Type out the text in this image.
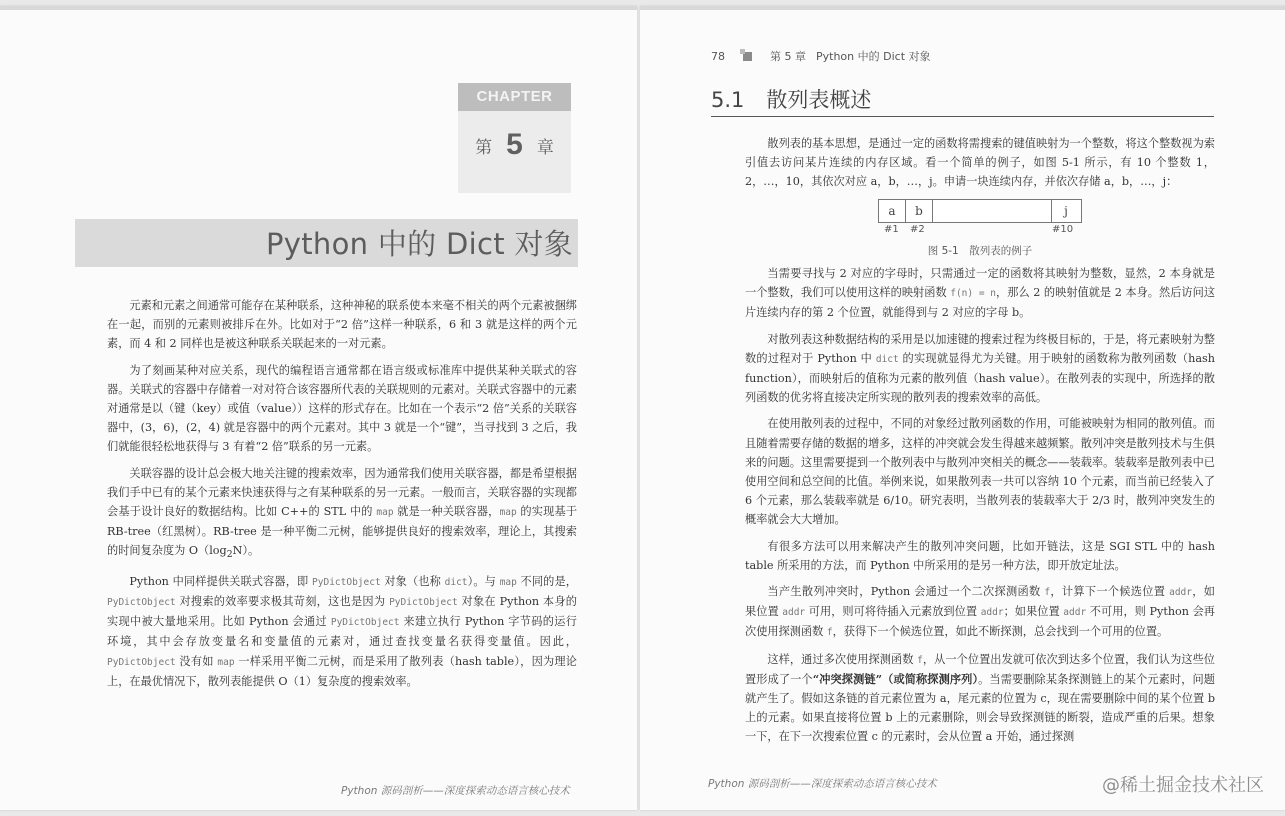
CHAPTER
第 5 章
Python 中的 Dict 对象

元素和元素之间通常可能存在某种联系，这种神秘的联系使本来毫不相关的两个元素被捆绑在一起，而别的元素则被排斥在外。比如对于“2 倍”这样一种联系，6 和 3 就是这样的两个元素，而 4 和 2 同样也是被这种联系关联起来的一对元素。

为了刻画某种对应关系，现代的编程语言通常都在语言级或标准库中提供某种关联式的容器。关联式的容器中存储着一对对符合该容器所代表的关联规则的元素对。关联式容器中的元素对通常是以（键（key）或值（value））这样的形式存在。比如在一个表示“2 倍”关系的关联容器中，(3，6)，(2，4) 就是容器中的两个元素对。其中 3 就是一个“键”，当寻找到 3 之后，我们就能很轻松地获得与 3 有着“2 倍”联系的另一元素。

关联容器的设计总会极大地关注键的搜索效率，因为通常我们使用关联容器，都是希望根据我们手中已有的某个元素来快速获得与之有某种联系的另一元素。一般而言，关联容器的实现都会基于设计良好的数据结构。比如 C++的 STL 中的 map 就是一种关联容器，map 的实现基于 RB-tree（红黑树）。RB-tree 是一种平衡二元树，能够提供良好的搜索效率，理论上，其搜索的时间复杂度为 $O(\log_2N)$。

Python 中同样提供关联式容器，即 PyDictObject 对象（也称 dict）。与 map 不同的是，PyDictObject 对搜索的效率要求极其苛刻，这也是因为 PyDictObject 对象在 Python 本身的实现中被大量地采用。比如 Python 会通过 PyDictObject 来建立执行 Python 字节码的运行环境，其中会存放变量名和变量值的元素对，通过查找变量名获得变量值。因此，PyDictObject 没有如 map 一样采用平衡二元树，而是采用了散列表（hash table），因为理论上，在最优情况下，散列表能提供 O（1）复杂度的搜索效率。

Python 源码剖析——深度探索动态语言核心技术
78	第 5 章 Python 中的 Dict 对象
5.1 散列表概述

散列表的基本思想，是通过一定的函数将需搜索的键值映射为一个整数，将这个整数视为索引值去访问某片连续的内存区域。看一个简单的例子，如图 5-1 所示，有 10 个整数 1，2，…，10，其依次对应 a，b，…，j。申请一块连续内存，并依次存储 a，b，…，j：

a	b	j
#1 #2	#10
图 5-1　散列表的例子

当需要寻找与 2 对应的字母时，只需通过一定的函数将其映射为整数，显然，2 本身就是一个整数，我们可以使用这样的映射函数 f(n) = n，那么 2 的映射值就是 2 本身。然后访问这片连续内存的第 2 个位置，就能得到与 2 对应的字母 b。

对散列表这种数据结构的采用是以加速键的搜索过程为终极目标的，于是，将元素映射为整数的过程对于 Python 中 dict 的实现就显得尤为关键。用于映射的函数称为散列函数（hash function），而映射后的值称为元素的散列值（hash value）。在散列表的实现中，所选择的散列函数的优劣将直接决定所实现的散列表的搜索效率的高低。

在使用散列表的过程中，不同的对象经过散列函数的作用，可能被映射为相同的散列值。而且随着需要存储的数据的增多，这样的冲突就会发生得越来越频繁。散列冲突是散列技术与生俱来的问题。这里需要提到一个散列表中与散列冲突相关的概念——装载率。装载率是散列表中已使用空间和总空间的比值。举例来说，如果散列表一共可以容纳 10 个元素，而当前已经装入了 6 个元素，那么装载率就是 6/10。研究表明，当散列表的装载率大于 2/3 时，散列冲突发生的概率就会大大增加。

有很多方法可以用来解决产生的散列冲突问题，比如开链法，这是 SGI STL 中的 hash table 所采用的方法，而 Python 中所采用的是另一种方法，即开放定址法。

当产生散列冲突时，Python 会通过一个二次探测函数 f，计算下一个候选位置 addr，如果位置 addr 可用，则可将待插入元素放到位置 addr；如果位置 addr 不可用，则 Python 会再次使用探测函数 f，获得下一个候选位置，如此不断探测，总会找到一个可用的位置。

这样，通过多次使用探测函数 f，从一个位置出发就可依次到达多个位置，我们认为这些位置形成了一个“冲突探测链”（或简称探测序列）。当需要删除某条探测链上的某个元素时，问题就产生了。假如这条链的首元素位置为 a，尾元素的位置为 c，现在需要删除中间的某个位置 b 上的元素。如果直接将位置 b 上的元素删除，则会导致探测链的断裂，造成严重的后果。想象一下，在下一次搜索位置 c 的元素时，会从位置 a 开始，通过探测

Python 源码剖析——深度探索动态语言核心技术	@稀土掘金技术社区
